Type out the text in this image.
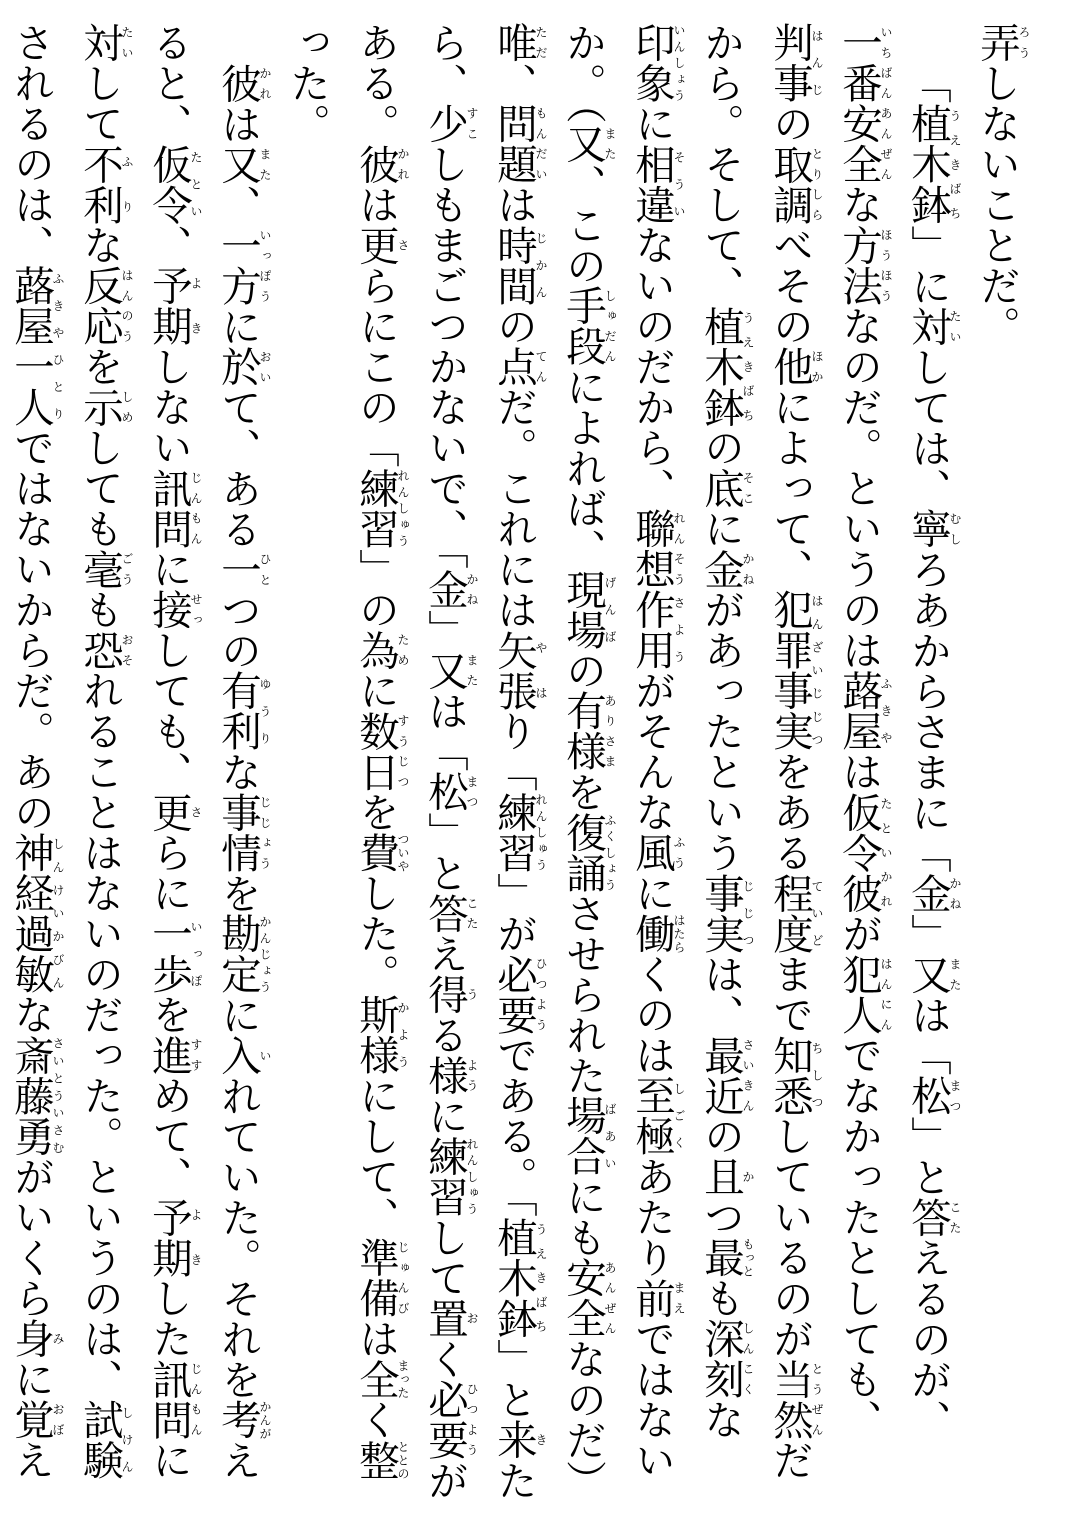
弄ろうしないことだ。

「植木鉢うえきばち」に対たいしては、寧むしろあからさまに「金かね」又または「松まつ」と答こたえるのが、一番安全いちばんあんぜんな方法ほうほうなのだ。というのは蕗屋ふきやは仮令彼たといかれが犯人はんにんでなかったとしても、判事はんじの取調とりしらべその他ほかによって、犯罪事実はんざいじじつをある程度ていどまで知悉ちしつしているのが当然とうぜんだから。そして、植木鉢うえきばちの底そこに金かねがあったという事実じじつは、最近さいきんの且かつ最もっとも深刻しんこくな印象いんしょうに相違そういないのだから、聯想れんそう作用さようがそんな風ふうに働はたらくのは至極しごくあたり前まえではないか。（又また、この手段しゅだんによれば、現場げんばの有様ありさまを復誦ふくしょうさせられた場合ばあいにも安全あんぜんなのだ）唯ただ、問題もんだいは時間じかんの点てんだ。これには矢張やはり「練習れんしゅう」が必要ひつようである。「植木鉢うえきばち」と来きたら、少すこしもまごつかないで、「金かね」又または「松まつ」と答こたえ得うる様ように練習れんしゅうして置おく必要ひつようがある。彼かれは更さらにこの「練習れんしゅう」の為ために数日すうじつを費ついやした。斯様かようにして、準備じゅんびは全まったく整ととのった。

彼かれは又また、一方いっぽうに於おいて、ある一ひとつの有利ゆうりな事情じじょうを勘定かんじょうに入いれていた。それを考かんがえると、仮令たとい、予期よきしない訊問じんもんに接せっしても、更さらに一歩いっぽを進すすめて、予期よきした訊問じんもんに対たいして不利ふりな反応はんのうを示しめしても毫ごうも恐おそれることはないのだった。というのは、試験しけんされるのは、蕗屋一人ふきやひとりではないからだ。あの神経過敏しんけいかびんな斎藤勇さいとういさむがいくら身みに覚おぼえ
